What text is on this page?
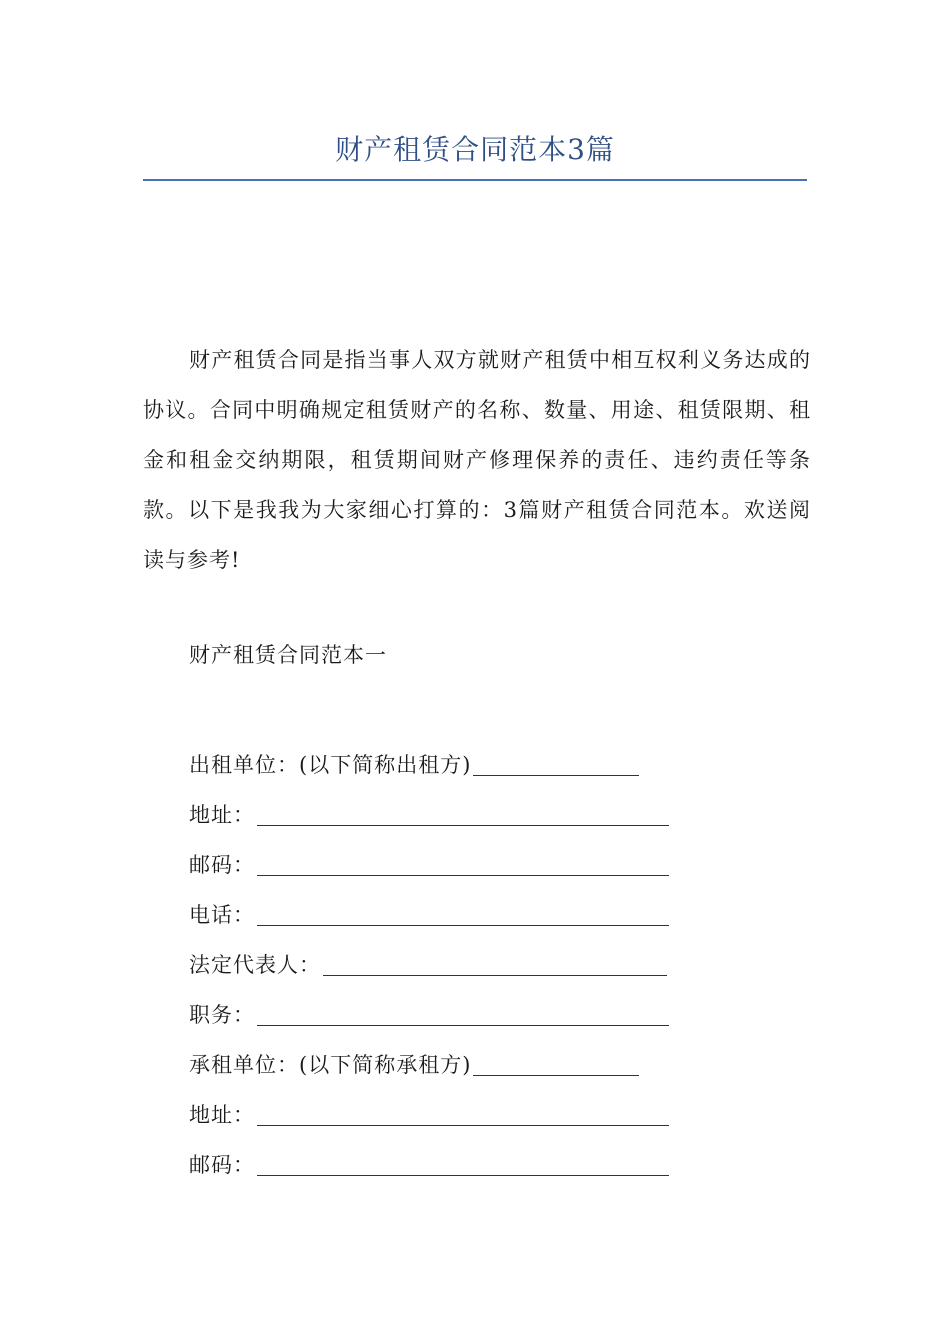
财产租赁合同范本3篇

财产租赁合同是指当事人双方就财产租赁中相互权利义务达成的协议。合同中明确规定租赁财产的名称、数量、用途、租赁限期、租金和租金交纳期限，租赁期间财产修理保养的责任、违约责任等条款。以下是我我为大家细心打算的：3篇财产租赁合同范本。欢送阅读与参考!

财产租赁合同范本一
出租单位：(以下简称出租方)
地址：
邮码：
电话：
法定代表人：
职务：
承租单位：(以下简称承租方)
地址：
邮码：
